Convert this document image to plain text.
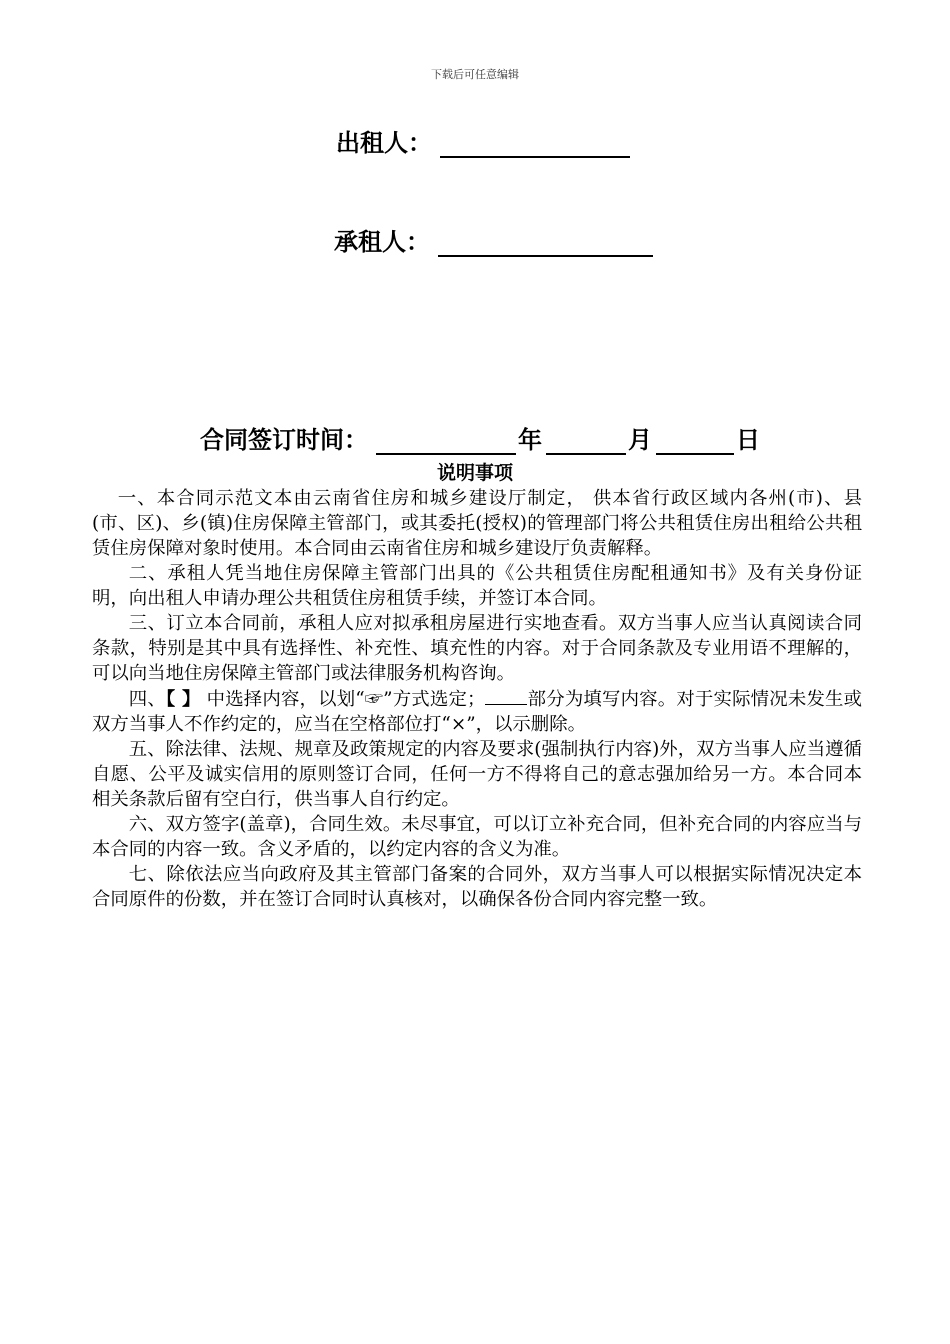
下载后可任意编辑
出租人：
承租人：
合同签订时间：	年	月	日
说明事项

一、本合同示范文本由云南省住房和城乡建设厅制定， 供本省行政区域内各州(市)、县(市、区)、乡(镇)住房保障主管部门，或其委托(授权)的管理部门将公共租赁住房出租给公共租赁住房保障对象时使用。本合同由云南省住房和城乡建设厅负责解释。

二、承租人凭当地住房保障主管部门出具的《公共租赁住房配租通知书》及有关身份证明，向出租人申请办理公共租赁住房租赁手续，并签订本合同。

三、订立本合同前，承租人应对拟承租房屋进行实地查看。双方当事人应当认真阅读合同条款，特别是其中具有选择性、补充性、填充性的内容。对于合同条款及专业用语不理解的，可以向当地住房保障主管部门或法律服务机构咨询。

四、【 】 中选择内容，以划“☞”方式选定； 部分为填写内容。对于实际情况未发生或双方当事人不作约定的，应当在空格部位打“×”，以示删除。

五、除法律、法规、规章及政策规定的内容及要求(强制执行内容)外，双方当事人应当遵循自愿、公平及诚实信用的原则签订合同，任何一方不得将自己的意志强加给另一方。本合同本相关条款后留有空白行，供当事人自行约定。

六、双方签字(盖章)，合同生效。未尽事宜，可以订立补充合同，但补充合同的内容应当与本合同的内容一致。含义矛盾的，以约定内容的含义为准。

七、除依法应当向政府及其主管部门备案的合同外，双方当事人可以根据实际情况决定本合同原件的份数，并在签订合同时认真核对，以确保各份合同内容完整一致。
